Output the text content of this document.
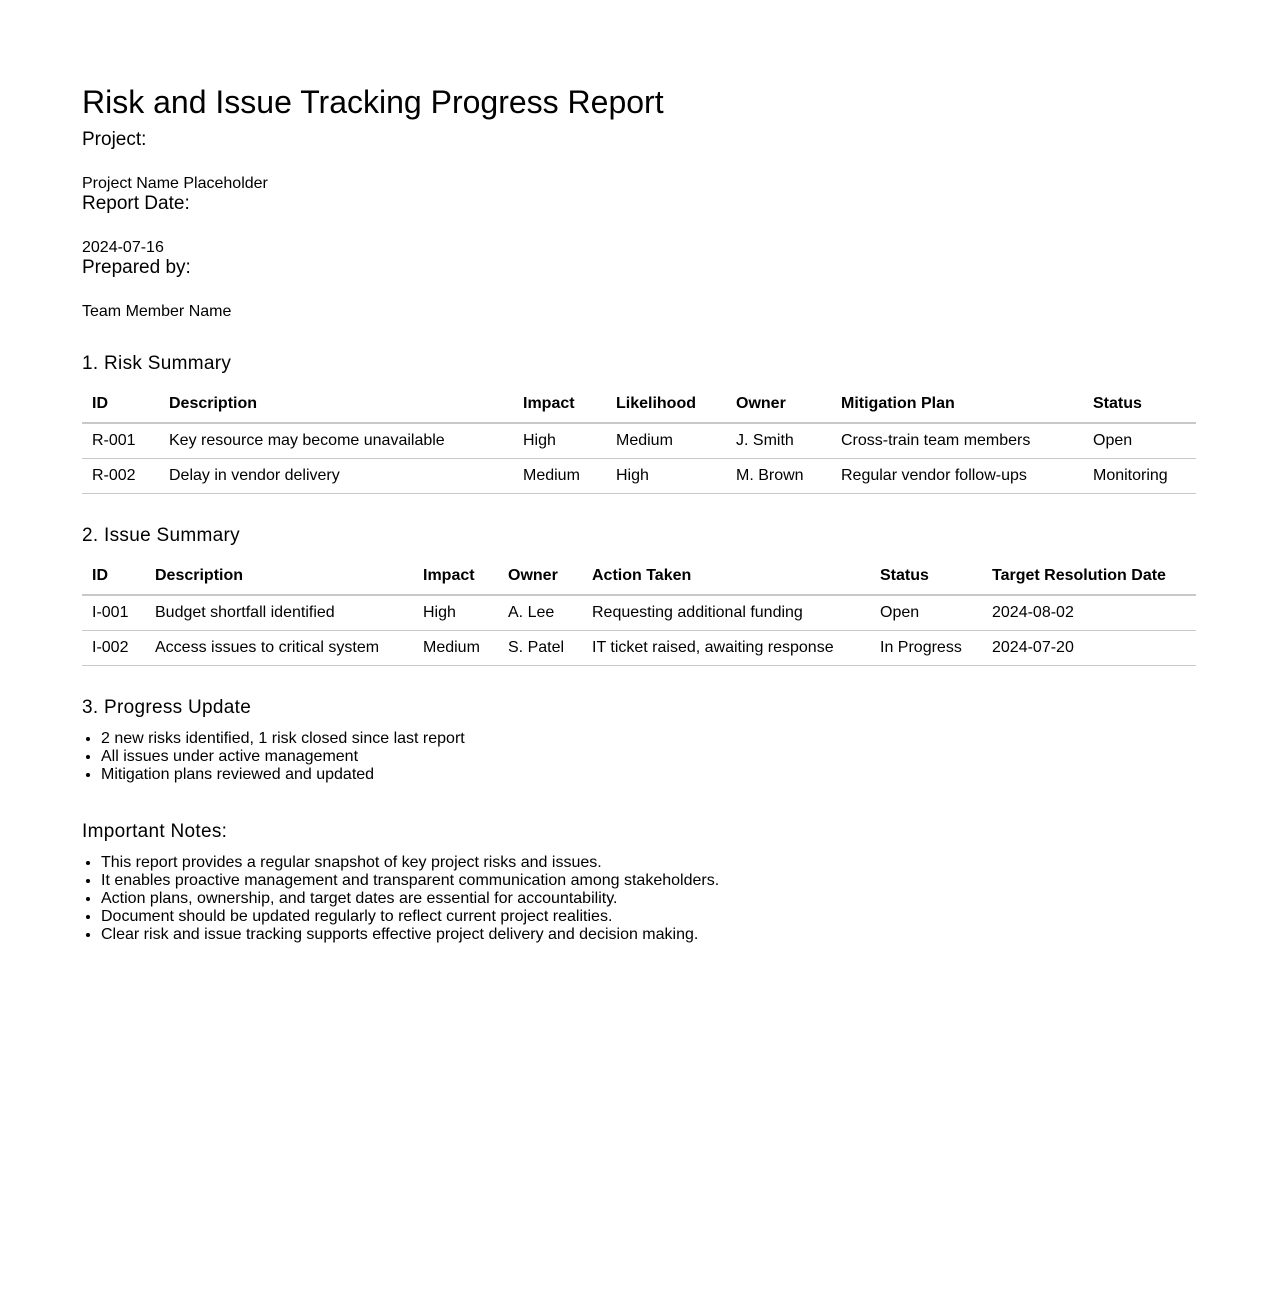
Risk and Issue Tracking Progress Report
Project:
Project Name Placeholder
Report Date:
2024-07-16
Prepared by:
Team Member Name
1. Risk Summary
ID	Description	Impact	Likelihood	Owner	Mitigation Plan	Status
R-001	Key resource may become unavailable	High	Medium	J. Smith	Cross-train team members	Open
R-002	Delay in vendor delivery	Medium	High	M. Brown	Regular vendor follow-ups	Monitoring
2. Issue Summary
ID	Description	Impact	Owner	Action Taken	Status	Target Resolution Date
I-001	Budget shortfall identified	High	A. Lee	Requesting additional funding	Open	2024-08-02
I-002	Access issues to critical system	Medium	S. Patel	IT ticket raised, awaiting response	In Progress	2024-07-20
3. Progress Update
• 2 new risks identified, 1 risk closed since last report
• All issues under active management
• Mitigation plans reviewed and updated
Important Notes:
• This report provides a regular snapshot of key project risks and issues.
• It enables proactive management and transparent communication among stakeholders.
• Action plans, ownership, and target dates are essential for accountability.
• Document should be updated regularly to reflect current project realities.
• Clear risk and issue tracking supports effective project delivery and decision making.
